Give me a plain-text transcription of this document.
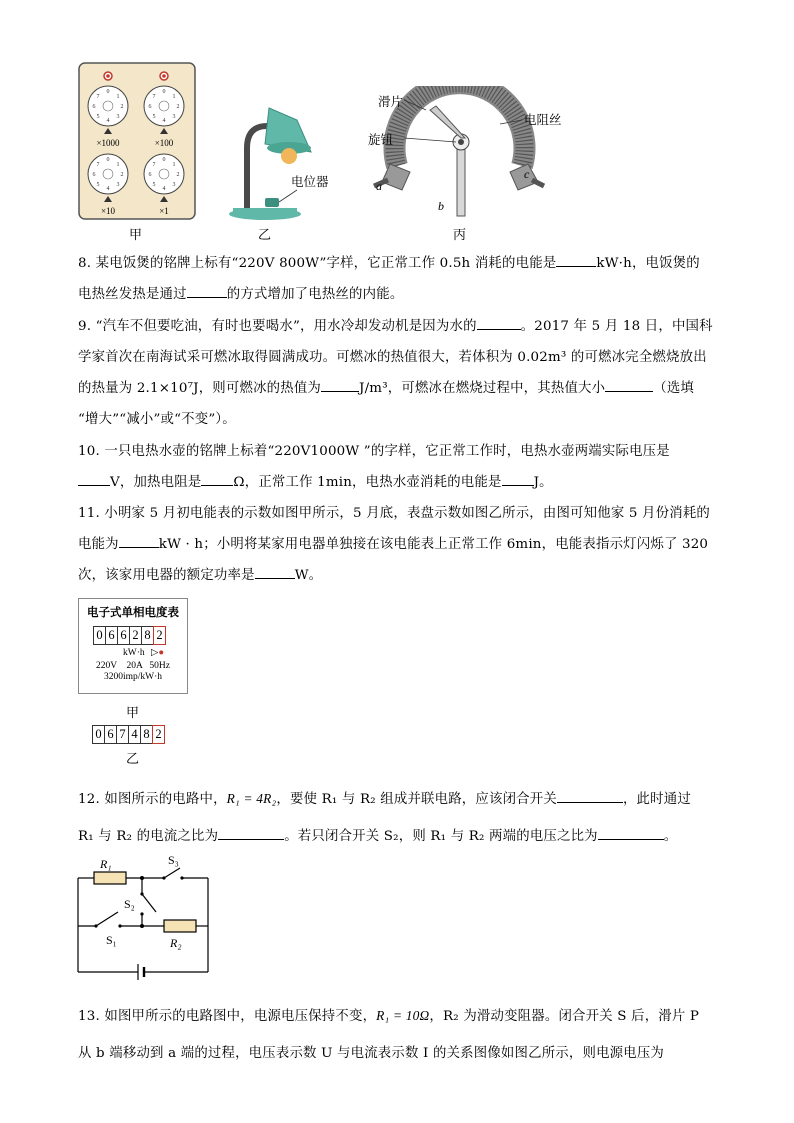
0
1
2
3
4
5
6
7
0
1
2
3
4
5
6
7
0
1
2
3
4
5
6
7
0
1
2
3
4
5
6
7
×1000	×100
×10	×1
甲
电位器
乙
滑片
电阻丝
旋钮
a
b
c
丙
8. 某电饭煲的铭牌上标有“220V 800W”字样，它正常工作 0.5h 消耗的电能是	kW·h，电饭煲的
电热丝发热是通过	的方式增加了电热丝的内能。
9. “汽车不但要吃油，有时也要喝水”，用水冷却发动机是因为水的	。2017 年 5 月 18 日，中国科
学家首次在南海试采可燃冰取得圆满成功。可燃冰的热值很大，若体积为 0.02m³ 的可燃冰完全燃烧放出
的热量为 2.1×10⁷J，则可燃冰的热值为	J/m³，可燃冰在燃烧过程中，其热值大小	（选填
“增大”“减小”或“不变”）。
10. 一只电热水壶的铭牌上标着“220V1000W ”的字样，它正常工作时，电热水壶两端实际电压是
V，加热电阻是 Ω，正常工作 1min，电热水壶消耗的电能是 J。
11. 小明家 5 月初电能表的示数如图甲所示，5 月底，表盘示数如图乙所示，由图可知他家 5 月份消耗的
电能为	kW · h；小明将某家用电器单独接在该电能表上正常工作 6min，电能表指示灯闪烁了 320
次，该家用电器的额定功率是	W。
电子式单相电度表
0 6 6 2 8 2
kW·h ▷●
220V    20A   50Hz
3200imp/kW·h
甲
0 6 7 4 8 2
乙
12. 如图所示的电路中，R₁ = 4R₂，要使 R₁ 与 R₂ 组成并联电路，应该闭合开关	，此时通过
R₁ 与 R₂ 的电流之比为	。若只闭合开关 S₂，则 R₁ 与 R₂ 两端的电压之比为	。
R₁	S₃
S₂
S₁	R₂
13. 如图甲所示的电路图中，电源电压保持不变，R₁ = 10Ω，R₂ 为滑动变阻器。闭合开关 S 后，滑片 P
从 b 端移动到 a 端的过程，电压表示数 U 与电流表示数 I 的关系图像如图乙所示，则电源电压为
